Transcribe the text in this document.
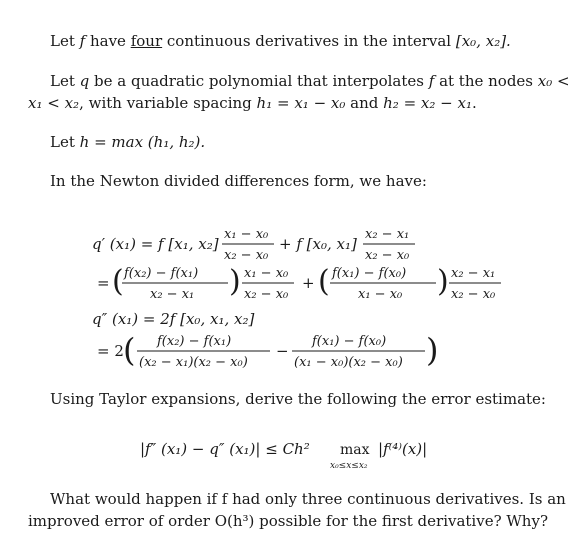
Let f have four continuous derivatives in the interval [x₀, x₂].
Let q be a quadratic polynomial that interpolates f at the nodes x₀ <
x₁ < x₂, with variable spacing h₁ = x₁ − x₀ and h₂ = x₂ − x₁.
Let h = max (h₁, h₂).
In the Newton divided differences form, we have:
q′ (x₁) = f [x₁, x₂]
x₁ − x₀
x₂ − x₀
+ f [x₀, x₁]
x₂ − x₁
x₂ − x₀
= ( f(x₂) − f(x₁)
x₂ − x₁ ) x₁ − x₀
x₂ − x₀
+ ( f(x₁) − f(x₀)
x₁ − x₀ ) x₂ − x₁
x₂ − x₀
q″ (x₁) = 2f [x₀, x₁, x₂]
= 2 ( f(x₂) − f(x₁)
(x₂ − x₁)(x₂ − x₀)
−
f(x₁) − f(x₀)
(x₁ − x₀)(x₂ − x₀) )
Using Taylor expansions, derive the following the error estimate:
|f″ (x₁) − q″ (x₁)| ≤ Ch² max
x₀≤x≤x₂
|f⁽⁴⁾(x)|
What would happen if f had only three continuous derivatives. Is an
improved error of order O(h³) possible for the first derivative? Why?
